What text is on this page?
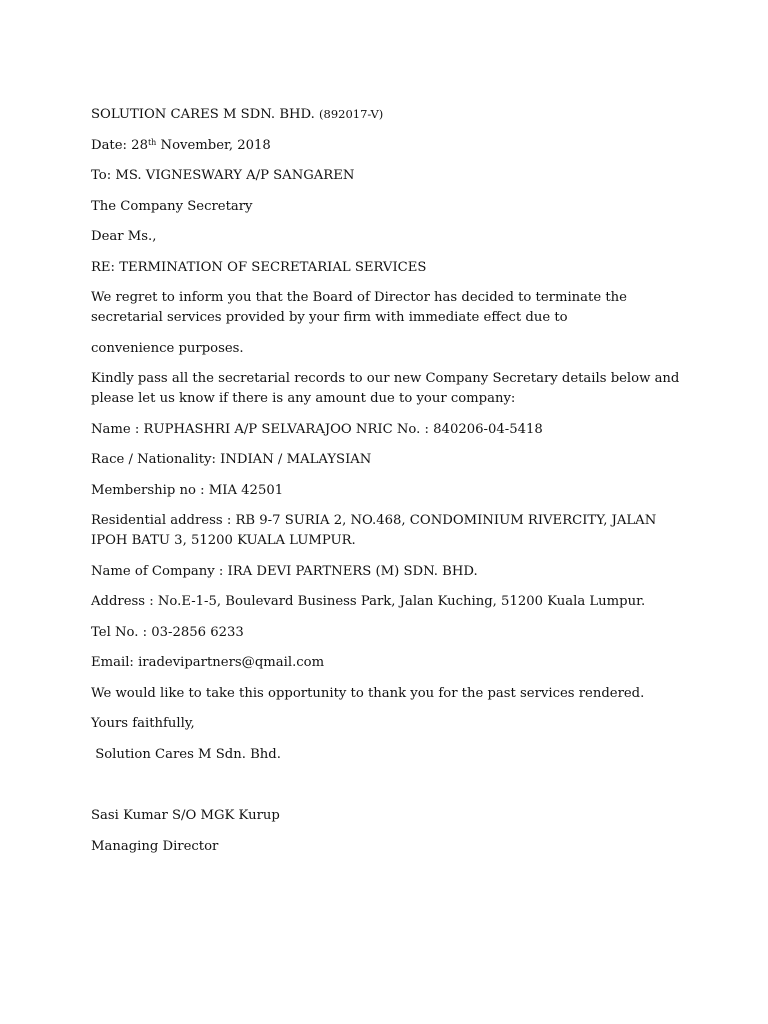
SOLUTION CARES M SDN. BHD. (892017-V)
Date: 28th November, 2018
To: MS. VIGNESWARY A/P SANGAREN
The Company Secretary
Dear Ms.,
RE: TERMINATION OF SECRETARIAL SERVICES
We regret to inform you that the Board of Director has decided to terminate the secretarial services provided by your firm with immediate effect due to
convenience purposes.
Kindly pass all the secretarial records to our new Company Secretary details below and please let us know if there is any amount due to your company:
Name : RUPHASHRI A/P SELVARAJOO NRIC No. : 840206-04-5418
Race / Nationality: INDIAN / MALAYSIAN
Membership no : MIA 42501
Residential address : RB 9-7 SURIA 2, NO.468, CONDOMINIUM RIVERCITY, JALAN IPOH BATU 3, 51200 KUALA LUMPUR.
Name of Company : IRA DEVI PARTNERS (M) SDN. BHD.
Address : No.E-1-5, Boulevard Business Park, Jalan Kuching, 51200 Kuala Lumpur.
Tel No. : 03-2856 6233
Email: iradevipartners@qmail.com
We would like to take this opportunity to thank you for the past services rendered.
Yours faithfully,
Solution Cares M Sdn. Bhd.
Sasi Kumar S/O MGK Kurup
Managing Director
